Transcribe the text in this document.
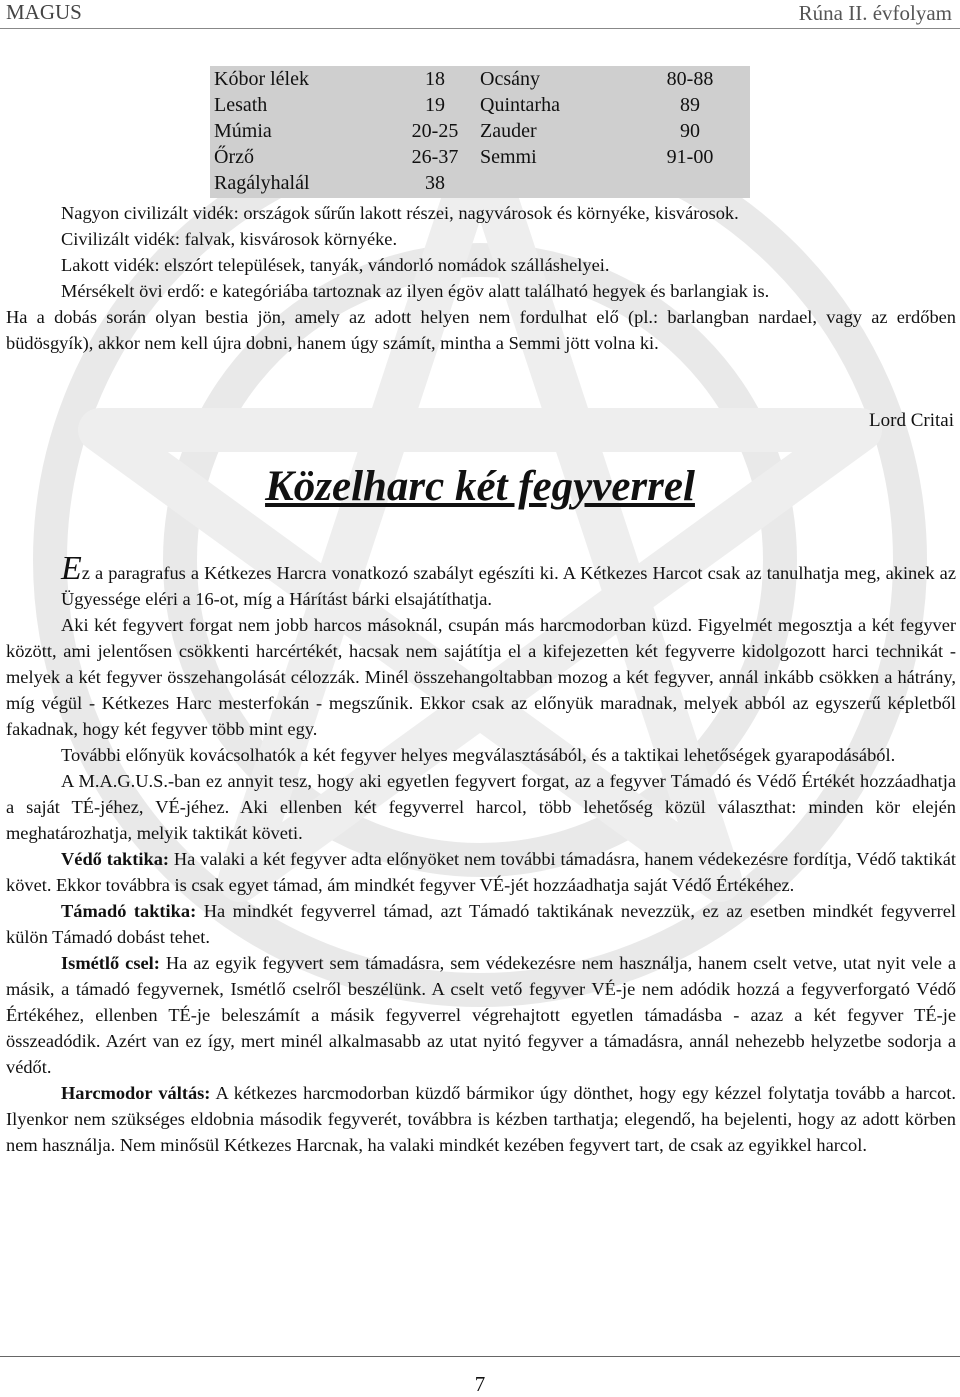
MAGUS	Rúna II. évfolyam
Kóbor lélek	18	Ocsány	80-88
Lesath	19	Quintarha	89
Múmia	20-25	Zauder	90
Őrző	26-37	Semmi	91-00
Ragályhalál	38
Nagyon civilizált vidék: országok sűrűn lakott részei, nagyvárosok és környéke, kisvárosok.
Civilizált vidék: falvak, kisvárosok környéke.
Lakott vidék: elszórt települések, tanyák, vándorló nomádok szálláshelyei.
Mérsékelt övi erdő: e kategóriába tartoznak az ilyen égöv alatt található hegyek és barlangiak is.

Ha a dobás során olyan bestia jön, amely az adott helyen nem fordulhat elő (pl.: barlangban nardael, vagy az erdőben büdösgyík), akkor nem kell újra dobni, hanem úgy számít, mintha a Semmi jött volna ki.

Lord Critai
Közelharc két fegyverrel

Ez a paragrafus a Kétkezes Harcra vonatkozó szabályt egészíti ki. A Kétkezes Harcot csak az tanulhatja meg, akinek az Ügyessége eléri a 16-ot, míg a Hárítást bárki elsajátíthatja.

Aki két fegyvert forgat nem jobb harcos másoknál, csupán más harcmodorban küzd. Figyelmét megosztja a két fegyver között, ami jelentősen csökkenti harcértékét, hacsak nem sajátítja el a kifejezetten két fegyverre kidolgozott harci technikát - melyek a két fegyver összehangolását célozzák. Minél összehangoltabban mozog a két fegyver, annál inkább csökken a hátrány, míg végül - Kétkezes Harc mesterfokán - megszűnik. Ekkor csak az előnyük maradnak, melyek abból az egyszerű képletből fakadnak, hogy két fegyver több mint egy.

További előnyük kovácsolhatók a két fegyver helyes megválasztásából, és a taktikai lehetőségek gyarapodásából.

A M.A.G.U.S.-ban ez annyit tesz, hogy aki egyetlen fegyvert forgat, az a fegyver Támadó és Védő Értékét hozzáadhatja a saját TÉ-jéhez, VÉ-jéhez. Aki ellenben két fegyverrel harcol, több lehetőség közül választhat: minden kör elején meghatározhatja, melyik taktikát követi.

Védő taktika: Ha valaki a két fegyver adta előnyöket nem további támadásra, hanem védekezésre fordítja, Védő taktikát követ. Ekkor továbbra is csak egyet támad, ám mindkét fegyver VÉ-jét hozzáadhatja saját Védő Értékéhez.

Támadó taktika: Ha mindkét fegyverrel támad, azt Támadó taktikának nevezzük, ez az esetben mindkét fegyverrel külön Támadó dobást tehet.

Ismétlő csel: Ha az egyik fegyvert sem támadásra, sem védekezésre nem használja, hanem cselt vetve, utat nyit vele a másik, a támadó fegyvernek, Ismétlő cselről beszélünk. A cselt vető fegyver VÉ-je nem adódik hozzá a fegyverforgató Védő Értékéhez, ellenben TÉ-je beleszámít a másik fegyverrel végrehajtott egyetlen támadásba - azaz a két fegyver TÉ-je összeadódik. Azért van ez így, mert minél alkalmasabb az utat nyitó fegyver a támadásra, annál nehezebb helyzetbe sodorja a védőt.

Harcmodor váltás: A kétkezes harcmodorban küzdő bármikor úgy dönthet, hogy egy kézzel folytatja tovább a harcot. Ilyenkor nem szükséges eldobnia második fegyverét, továbbra is kézben tarthatja; elegendő, ha bejelenti, hogy az adott körben nem használja. Nem minősül Kétkezes Harcnak, ha valaki mindkét kezében fegyvert tart, de csak az egyikkel harcol.

7
